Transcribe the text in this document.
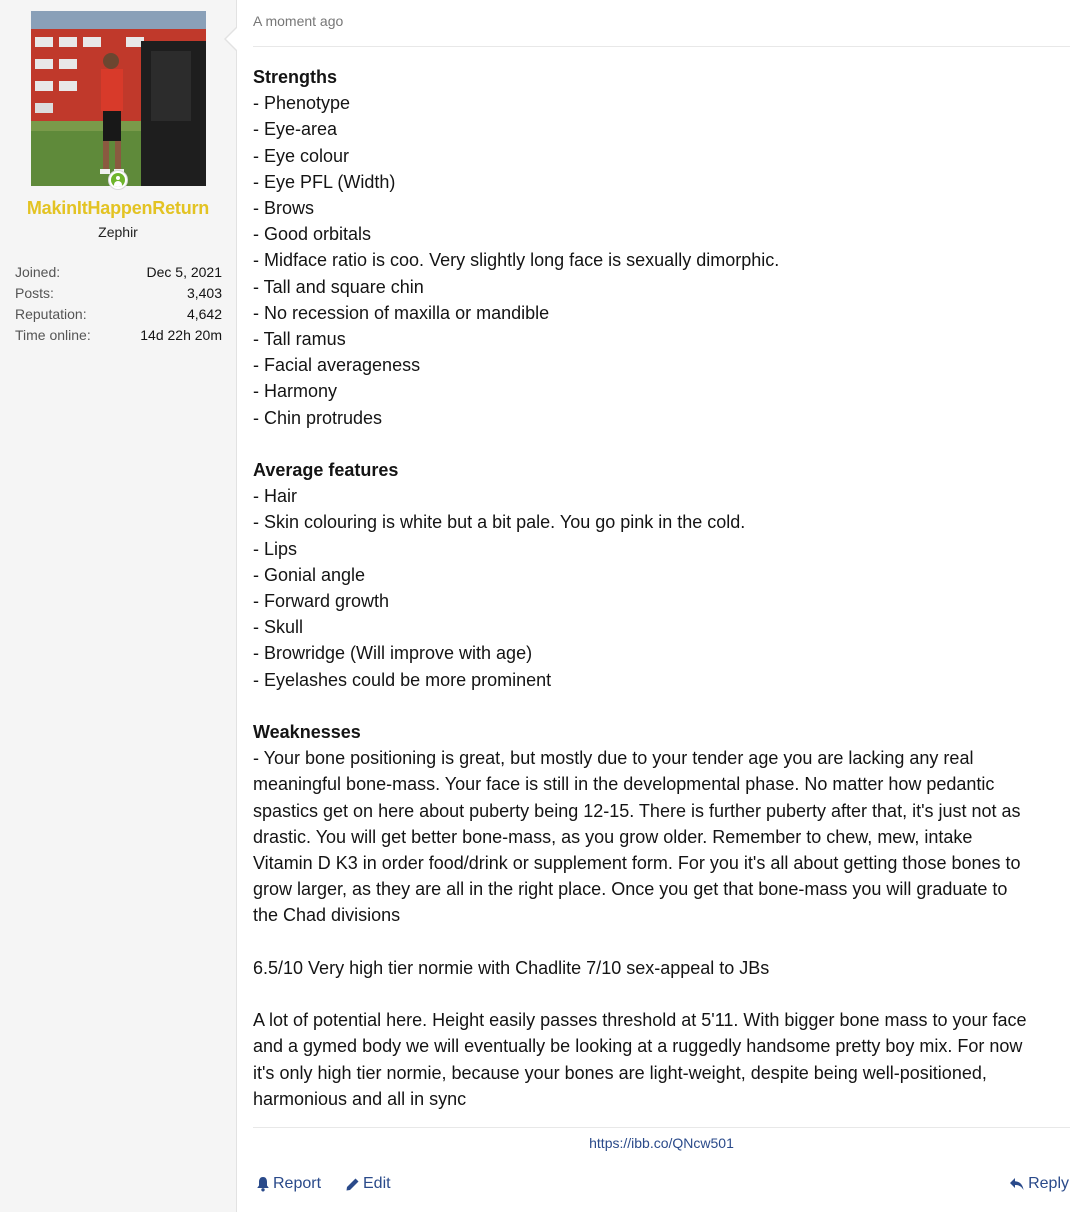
MakinItHappenReturn
Zephir
Joined:	Dec 5, 2021
Posts:	3,403
Reputation:	4,642
Time online:	14d 22h 20m
A moment ago
Strengths
- Phenotype
- Eye-area
- Eye colour
- Eye PFL (Width)
- Brows
- Good orbitals
- Midface ratio is coo. Very slightly long face is sexually dimorphic.
- Tall and square chin
- No recession of maxilla or mandible
- Tall ramus
- Facial averageness
- Harmony
- Chin protrudes
Average features
- Hair
- Skin colouring is white but a bit pale. You go pink in the cold.
- Lips
- Gonial angle
- Forward growth
- Skull
- Browridge (Will improve with age)
- Eyelashes could be more prominent
Weaknesses
- Your bone positioning is great, but mostly due to your tender age you are lacking any real
meaningful bone-mass. Your face is still in the developmental phase. No matter how pedantic
spastics get on here about puberty being 12-15. There is further puberty after that, it's just not as
drastic. You will get better bone-mass, as you grow older. Remember to chew, mew, intake
Vitamin D K3 in order food/drink or supplement form. For you it's all about getting those bones to
grow larger, as they are all in the right place. Once you get that bone-mass you will graduate to
the Chad divisions
6.5/10 Very high tier normie with Chadlite 7/10 sex-appeal to JBs
A lot of potential here. Height easily passes threshold at 5'11. With bigger bone mass to your face
and a gymed body we will eventually be looking at a ruggedly handsome pretty boy mix. For now
it's only high tier normie, because your bones are light-weight, despite being well-positioned,
harmonious and all in sync
https://ibb.co/QNcw501
Report	Edit	Reply
